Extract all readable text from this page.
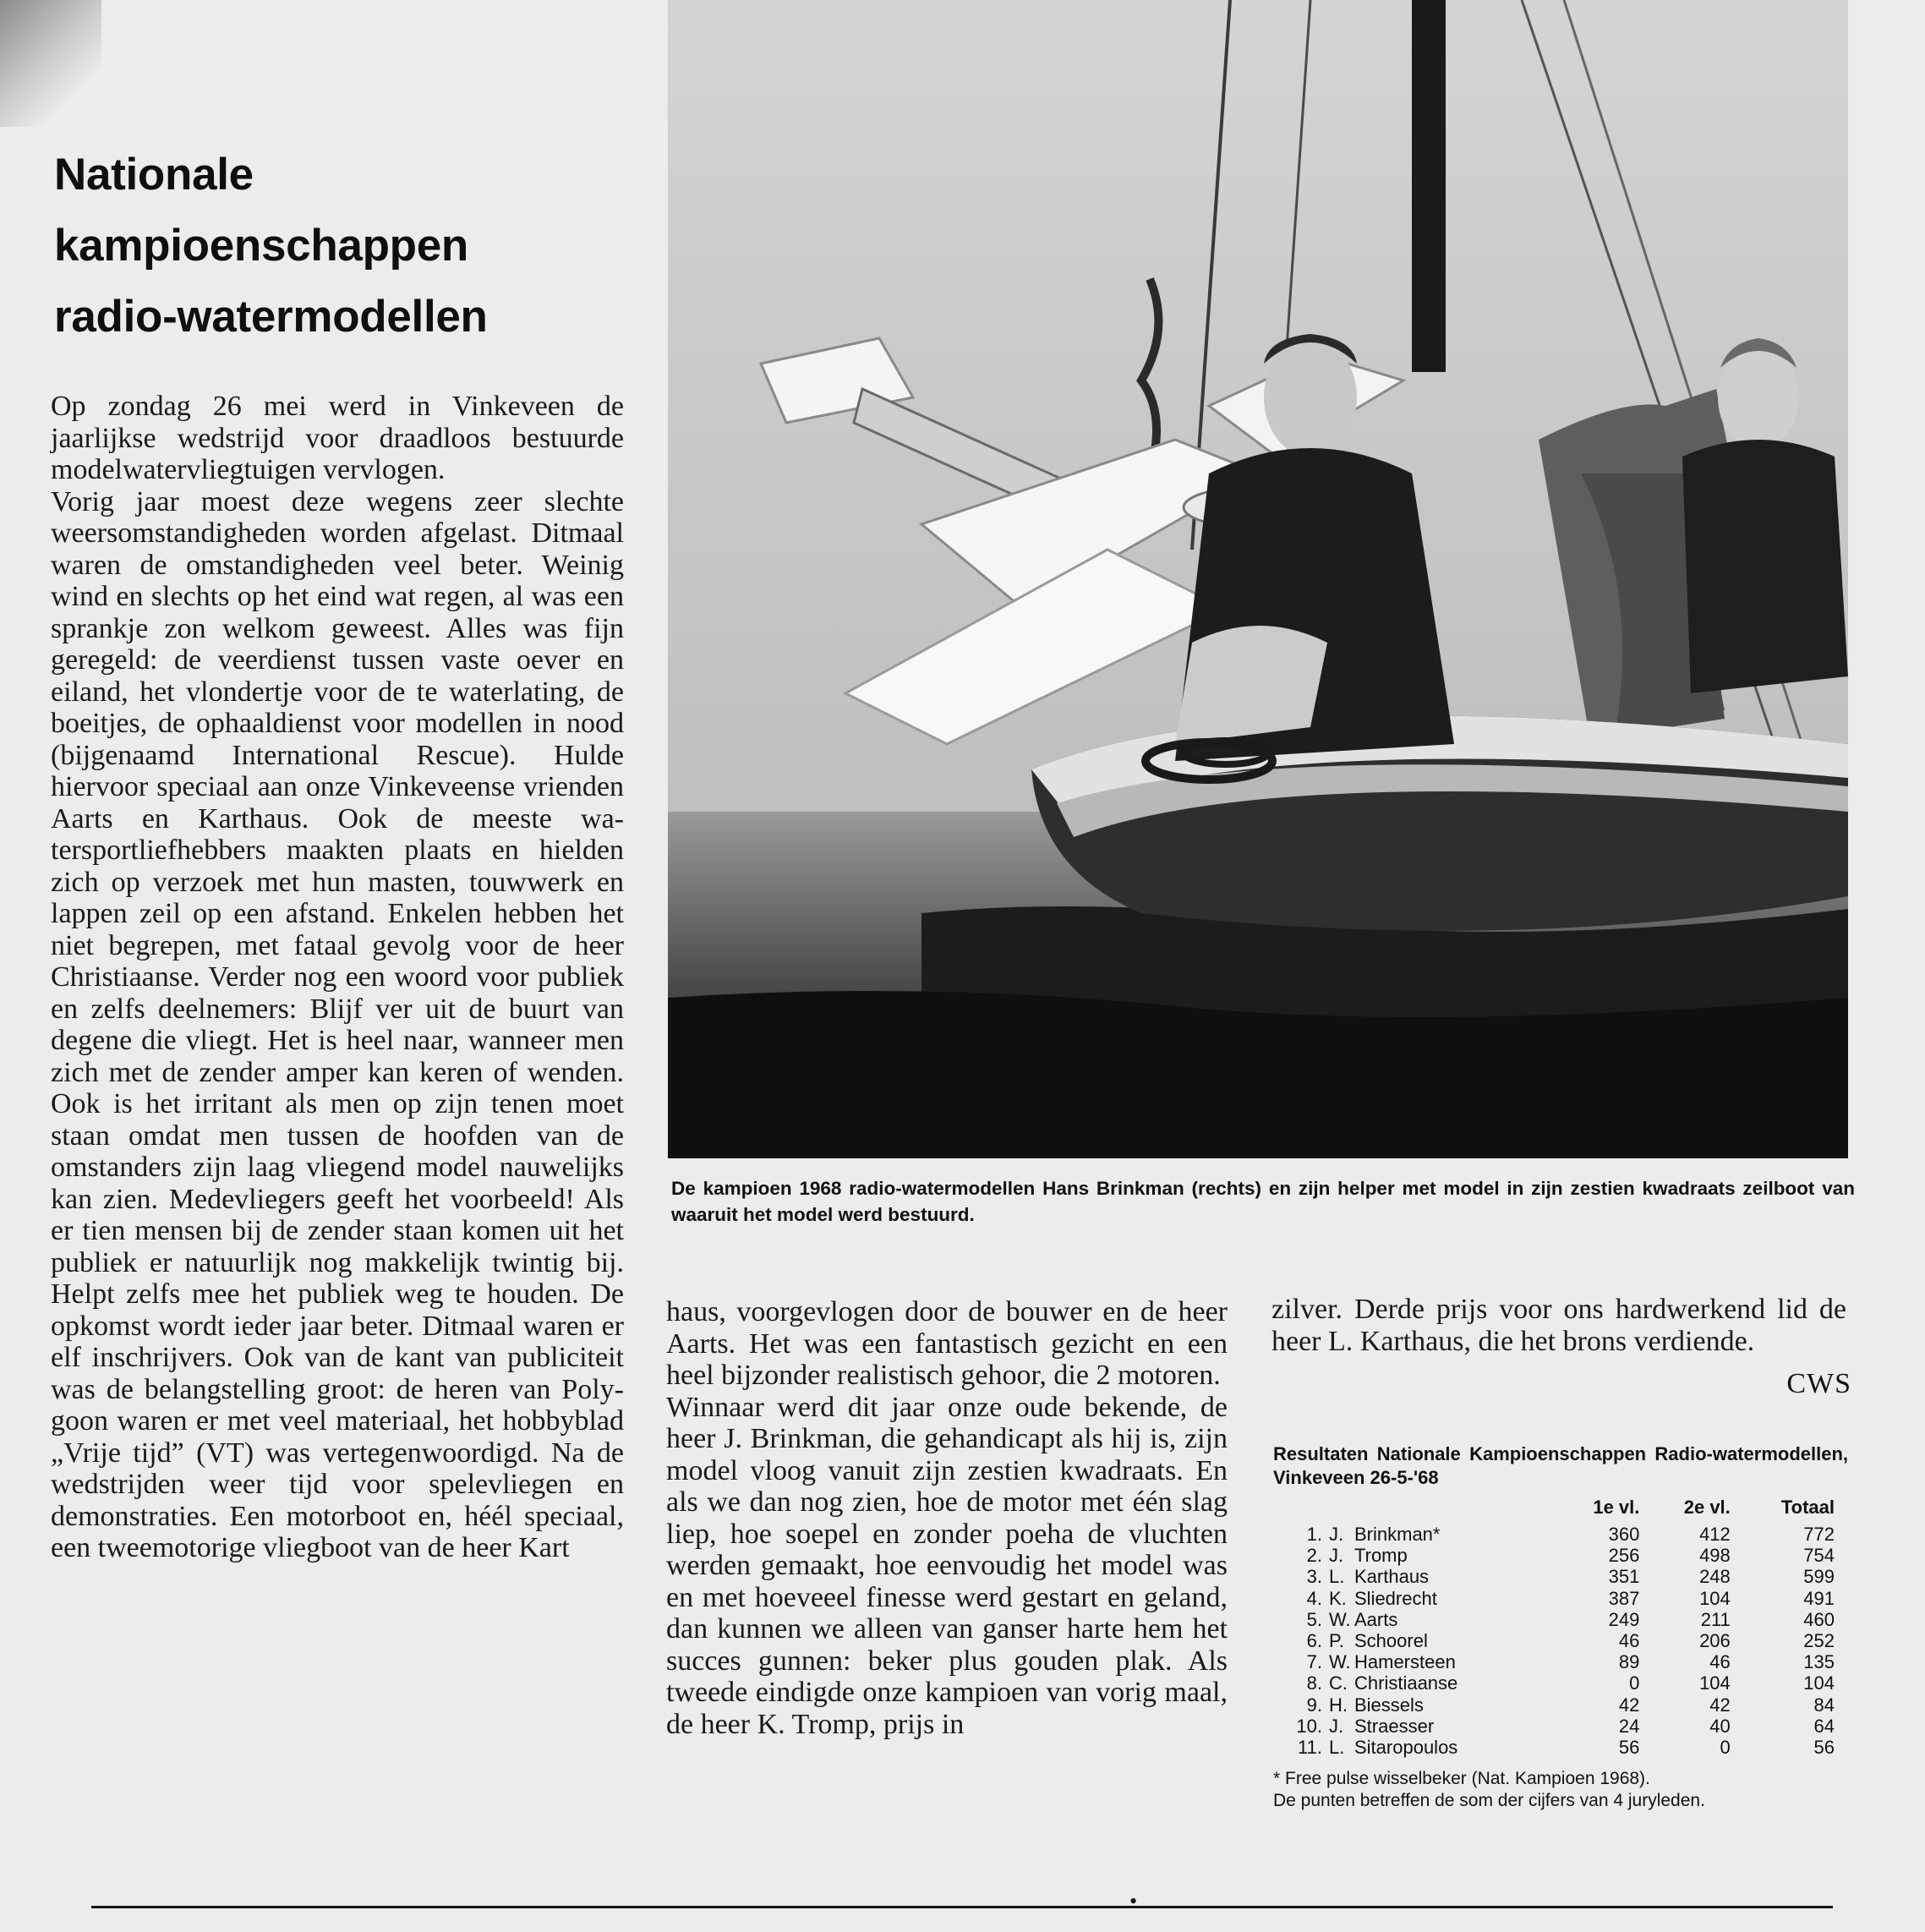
Nationale
kampioenschappen
radio-watermodellen

Op zondag 26 mei werd in Vinkeveen de jaarlijkse wedstrijd voor draadloos bestuurde modelwatervliegtuigen vervlogen.

Vorig jaar moest deze wegens zeer slechte weersomstandigheden worden afgelast. Ditmaal waren de omstandigheden veel beter. Weinig wind en slechts op het eind wat regen, al was een sprankje zon welkom geweest. Alles was fijn geregeld: de veerdienst tussen vaste oever en eiland, het vlondertje voor de te waterlating, de boeitjes, de ophaaldienst voor modellen in nood (bijgenaamd International Rescue). Hulde hiervoor speciaal aan onze Vinkeveense vrienden Aarts en Karthaus. Ook de meeste watersportliefhebbers maakten plaats en hielden zich op verzoek met hun masten, touwwerk en lappen zeil op een afstand. Enkelen hebben het niet begrepen, met fataal gevolg voor de heer Christiaanse. Verder nog een woord voor publiek en zelfs deelnemers: Blijf ver uit de buurt van degene die vliegt. Het is heel naar, wanneer men zich met de zender amper kan keren of wenden. Ook is het irritant als men op zijn tenen moet staan omdat men tussen de hoofden van de omstanders zijn laag vliegend model nauwelijks kan zien. Medevliegers geeft het voorbeeld! Als er tien mensen bij de zender staan komen uit het publiek er natuurlijk nog makkelijk twintig bij. Helpt zelfs mee het publiek weg te houden. De opkomst wordt ieder jaar beter. Ditmaal waren er elf inschrijvers. Ook van de kant van publiciteit was de belangstelling groot: de heren van Polygoon waren er met veel materiaal, het hobbyblad „Vrije tijd” (VT) was vertegenwoordigd. Na de wedstrijden weer tijd voor spelevliegen en demonstraties. Een motorboot en, héél speciaal, een tweemotorige vliegboot van de heer Kart

De kampioen 1968 radio-watermodellen Hans Brinkman (rechts) en zijn helper met model in zijn zestien kwadraats zeilboot van waaruit het model werd bestuurd.

haus, voorgevlogen door de bouwer en de heer Aarts. Het was een fantastisch gezicht en een heel bijzonder realistisch gehoor, die 2 motoren.

Winnaar werd dit jaar onze oude bekende, de heer J. Brinkman, die gehandicapt als hij is, zijn model vloog vanuit zijn zestien kwadraats. En als we dan nog zien, hoe de motor met één slag liep, hoe soepel en zonder poeha de vluchten werden gemaakt, hoe eenvoudig het model was en met hoeveeel finesse werd gestart en geland, dan kunnen we alleen van ganser harte hem het succes gunnen: beker plus gouden plak. Als tweede eindigde onze kampioen van vorig maal, de heer K. Tromp, prijs in

zilver. Derde prijs voor ons hardwerkend lid de heer L. Karthaus, die het brons verdiende.

CWS

Resultaten Nationale Kampioenschappen Radio-watermodellen, Vinkeveen 26-5-'68

			1e vl.	2e vl.	Totaal
1.	J.	Brinkman*	360	412	772
2.	J.	Tromp	256	498	754
3.	L.	Karthaus	351	248	599
4.	K.	Sliedrecht	387	104	491
5.	W.	Aarts	249	211	460
6.	P.	Schoorel	46	206	252
7.	W.	Hamersteen	89	46	135
8.	C.	Christiaanse	0	104	104
9.	H.	Biessels	42	42	84
10.	J.	Straesser	24	40	64
11.	L.	Sitaropoulos	56	0	56
* Free pulse wisselbeker (Nat. Kampioen 1968).
De punten betreffen de som der cijfers van 4 juryleden.
•
